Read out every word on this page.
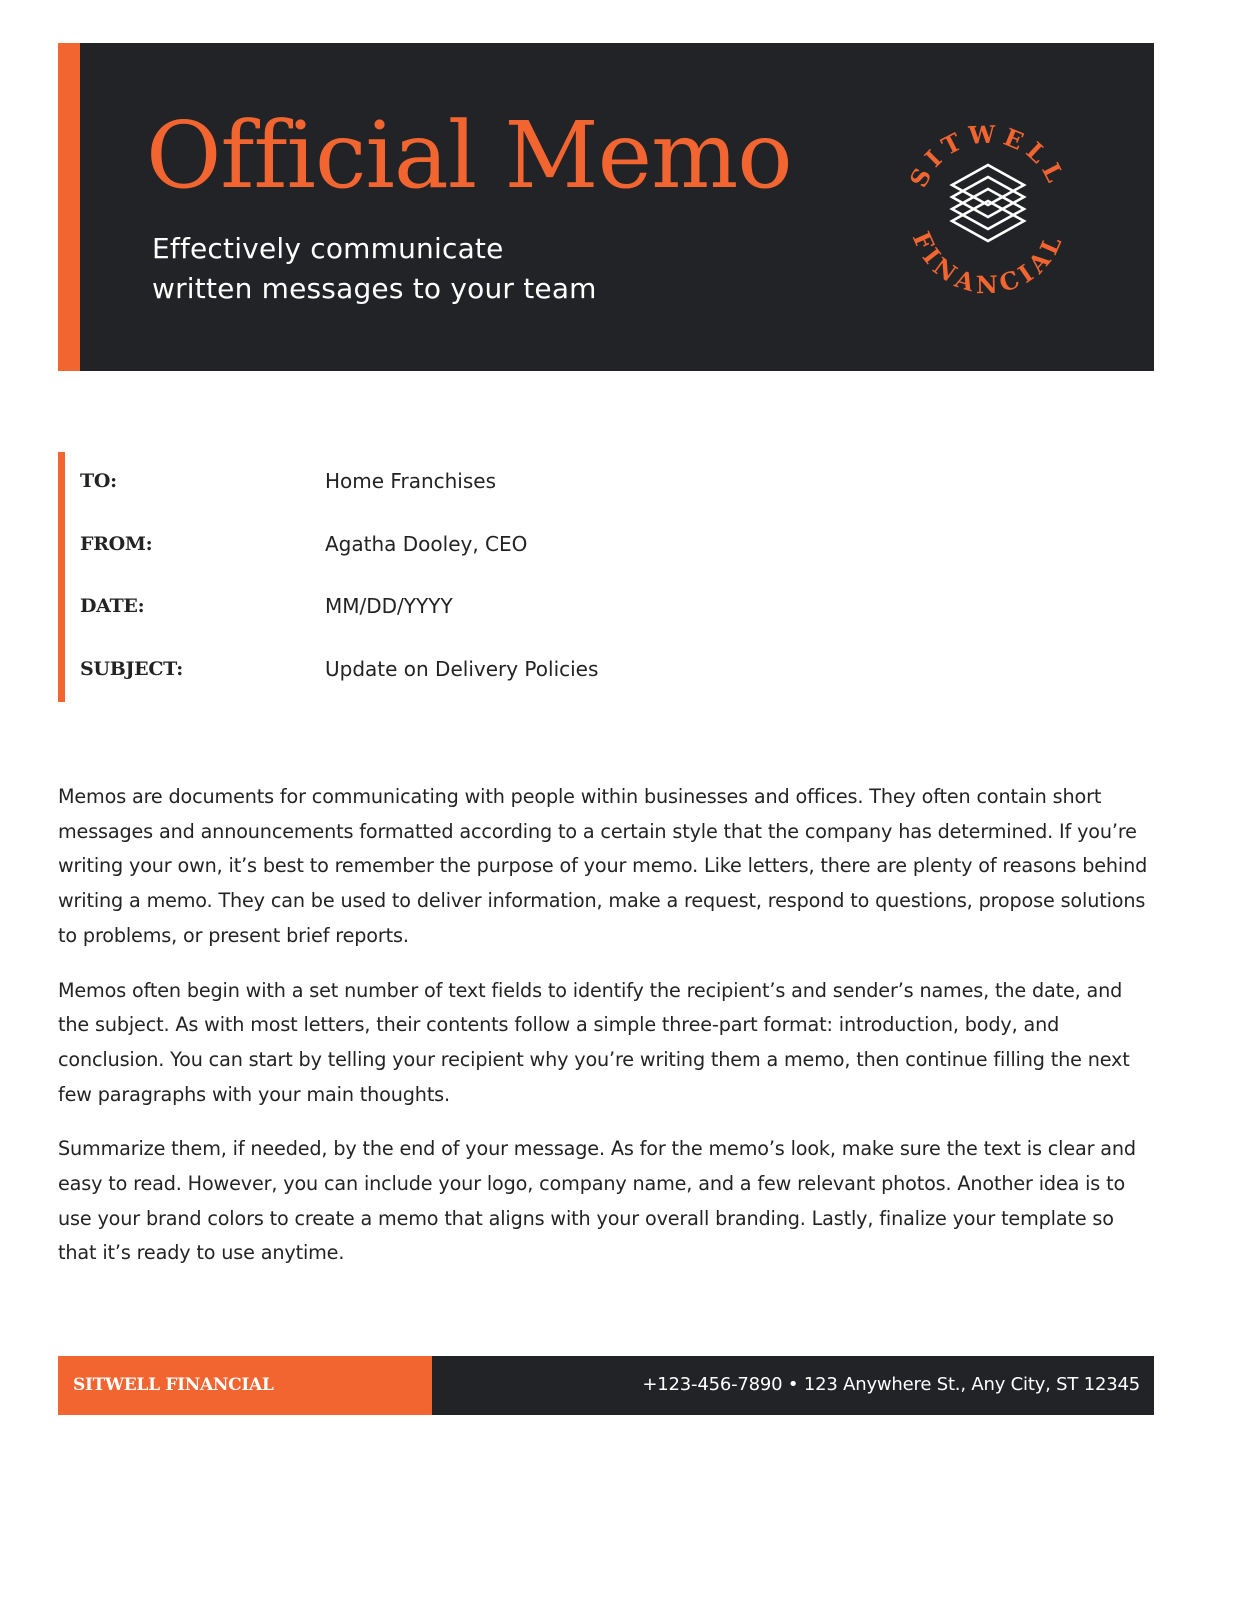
Official Memo
Effectively communicate
written messages to your team
SITWELL
FINANCIAL
TO:	Home Franchises
FROM:	Agatha Dooley, CEO
DATE:	MM/DD/YYYY
SUBJECT:	Update on Delivery Policies

Memos are documents for communicating with people within businesses and offices. They often contain short messages and announcements formatted according to a certain style that the company has determined. If you’re writing your own, it’s best to remember the purpose of your memo. Like letters, there are plenty of reasons behind writing a memo. They can be used to deliver information, make a request, respond to questions, propose solutions to problems, or present brief reports.

Memos often begin with a set number of text fields to identify the recipient’s and sender’s names, the date, and the subject. As with most letters, their contents follow a simple three-part format: introduction, body, and conclusion. You can start by telling your recipient why you’re writing them a memo, then continue filling the next few paragraphs with your main thoughts.

Summarize them, if needed, by the end of your message. As for the memo’s look, make sure the text is clear and easy to read. However, you can include your logo, company name, and a few relevant photos. Another idea is to use your brand colors to create a memo that aligns with your overall branding. Lastly, finalize your template so that it’s ready to use anytime.

SITWELL FINANCIAL	+123-456-7890 • 123 Anywhere St., Any City, ST 12345
